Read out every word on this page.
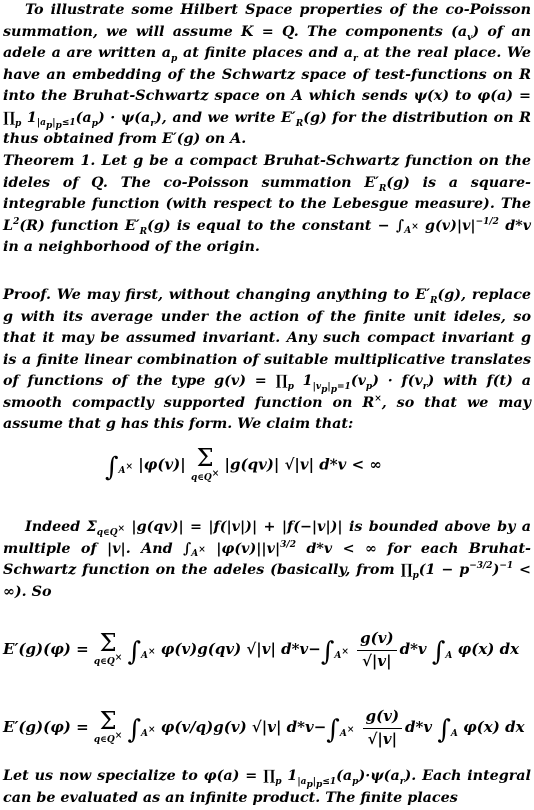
To illustrate some Hilbert Space properties of the co-Poisson summation, we will assume K = Q. The components $(a_v)$ of an adele a are written $a_p$ at finite places and $a_r$ at the real place. We have an embedding of the Schwartz space of test-functions on R into the Bruhat-Schwartz space on A which sends ψ(x) to $\varphi(a) = \prod_p$ $1_{|a_p|_p\le 1}(a_p) \cdot \psi(a_r)$, and we write $E'_R(g)$ for the distribution on R thus obtained from E′(g) on A.
Theorem 1. Let g be a compact Bruhat-Schwartz function on the ideles of Q. The co-Poisson summation $E'_R(g)$ is a square-integrable function (with respect to the Lebesgue measure). The $L^2(R)$ function $E'_R(g)$ is equal to the constant − $\int_{A^\times}$ $g(v)|v|^{-1/2}$ d*v in a neighborhood of the origin.
Proof. We may first, without changing anything to $E'_R(g)$, replace g with its average under the action of the finite unit ideles, so that it may be assumed invariant. Any such compact invariant g is a finite linear combination of suitable multiplicative translates of functions of the type $g(v) = \prod_p$ $1_{|v_p|_p=1}(v_p) \cdot f(v_r)$ with f(t) a smooth compactly supported function on R×, so that we may assume that g has this form. We claim that:
$\int_{A^\times}$ |φ(v)| Σ
q∈Q×
|g(qv)| √|v| d*v < ∞
Indeed $\Sigma_{q\in Q^\times}$ |g(qv)| = |f(|v|)| + |f(−|v|)| is bounded above by a multiple of |v|. And $\int_{A^\times}$ $|\varphi(v)||v|^{3/2}$ d*v < ∞ for each Bruhat-Schwartz function on the adeles (basically, from $\prod_p(1 - p^{-3/2})^{-1}$ < ∞). So
E′(g)(φ) = Σ
q∈Q× $\int_{A^\times}$ φ(v)g(qv) √|v| $d*v-\int_{A^\times} \frac{g(v)}{√|v|} d*v$ $\int_A$ φ(x) dx
E′(g)(φ) = Σ
q∈Q× $\int_{A^\times}$ φ(v/q)g(v) √|v| $d*v-\int_{A^\times} \frac{g(v)}{√|v|} d*v$ $\int_A$ φ(x) dx
Let us now specialize to $\varphi(a) = \prod_p$ $1_{|a_p|_p\le 1}(a_p)\cdot\psi(a_r)$. Each integral can be evaluated as an infinite product. The finite places
